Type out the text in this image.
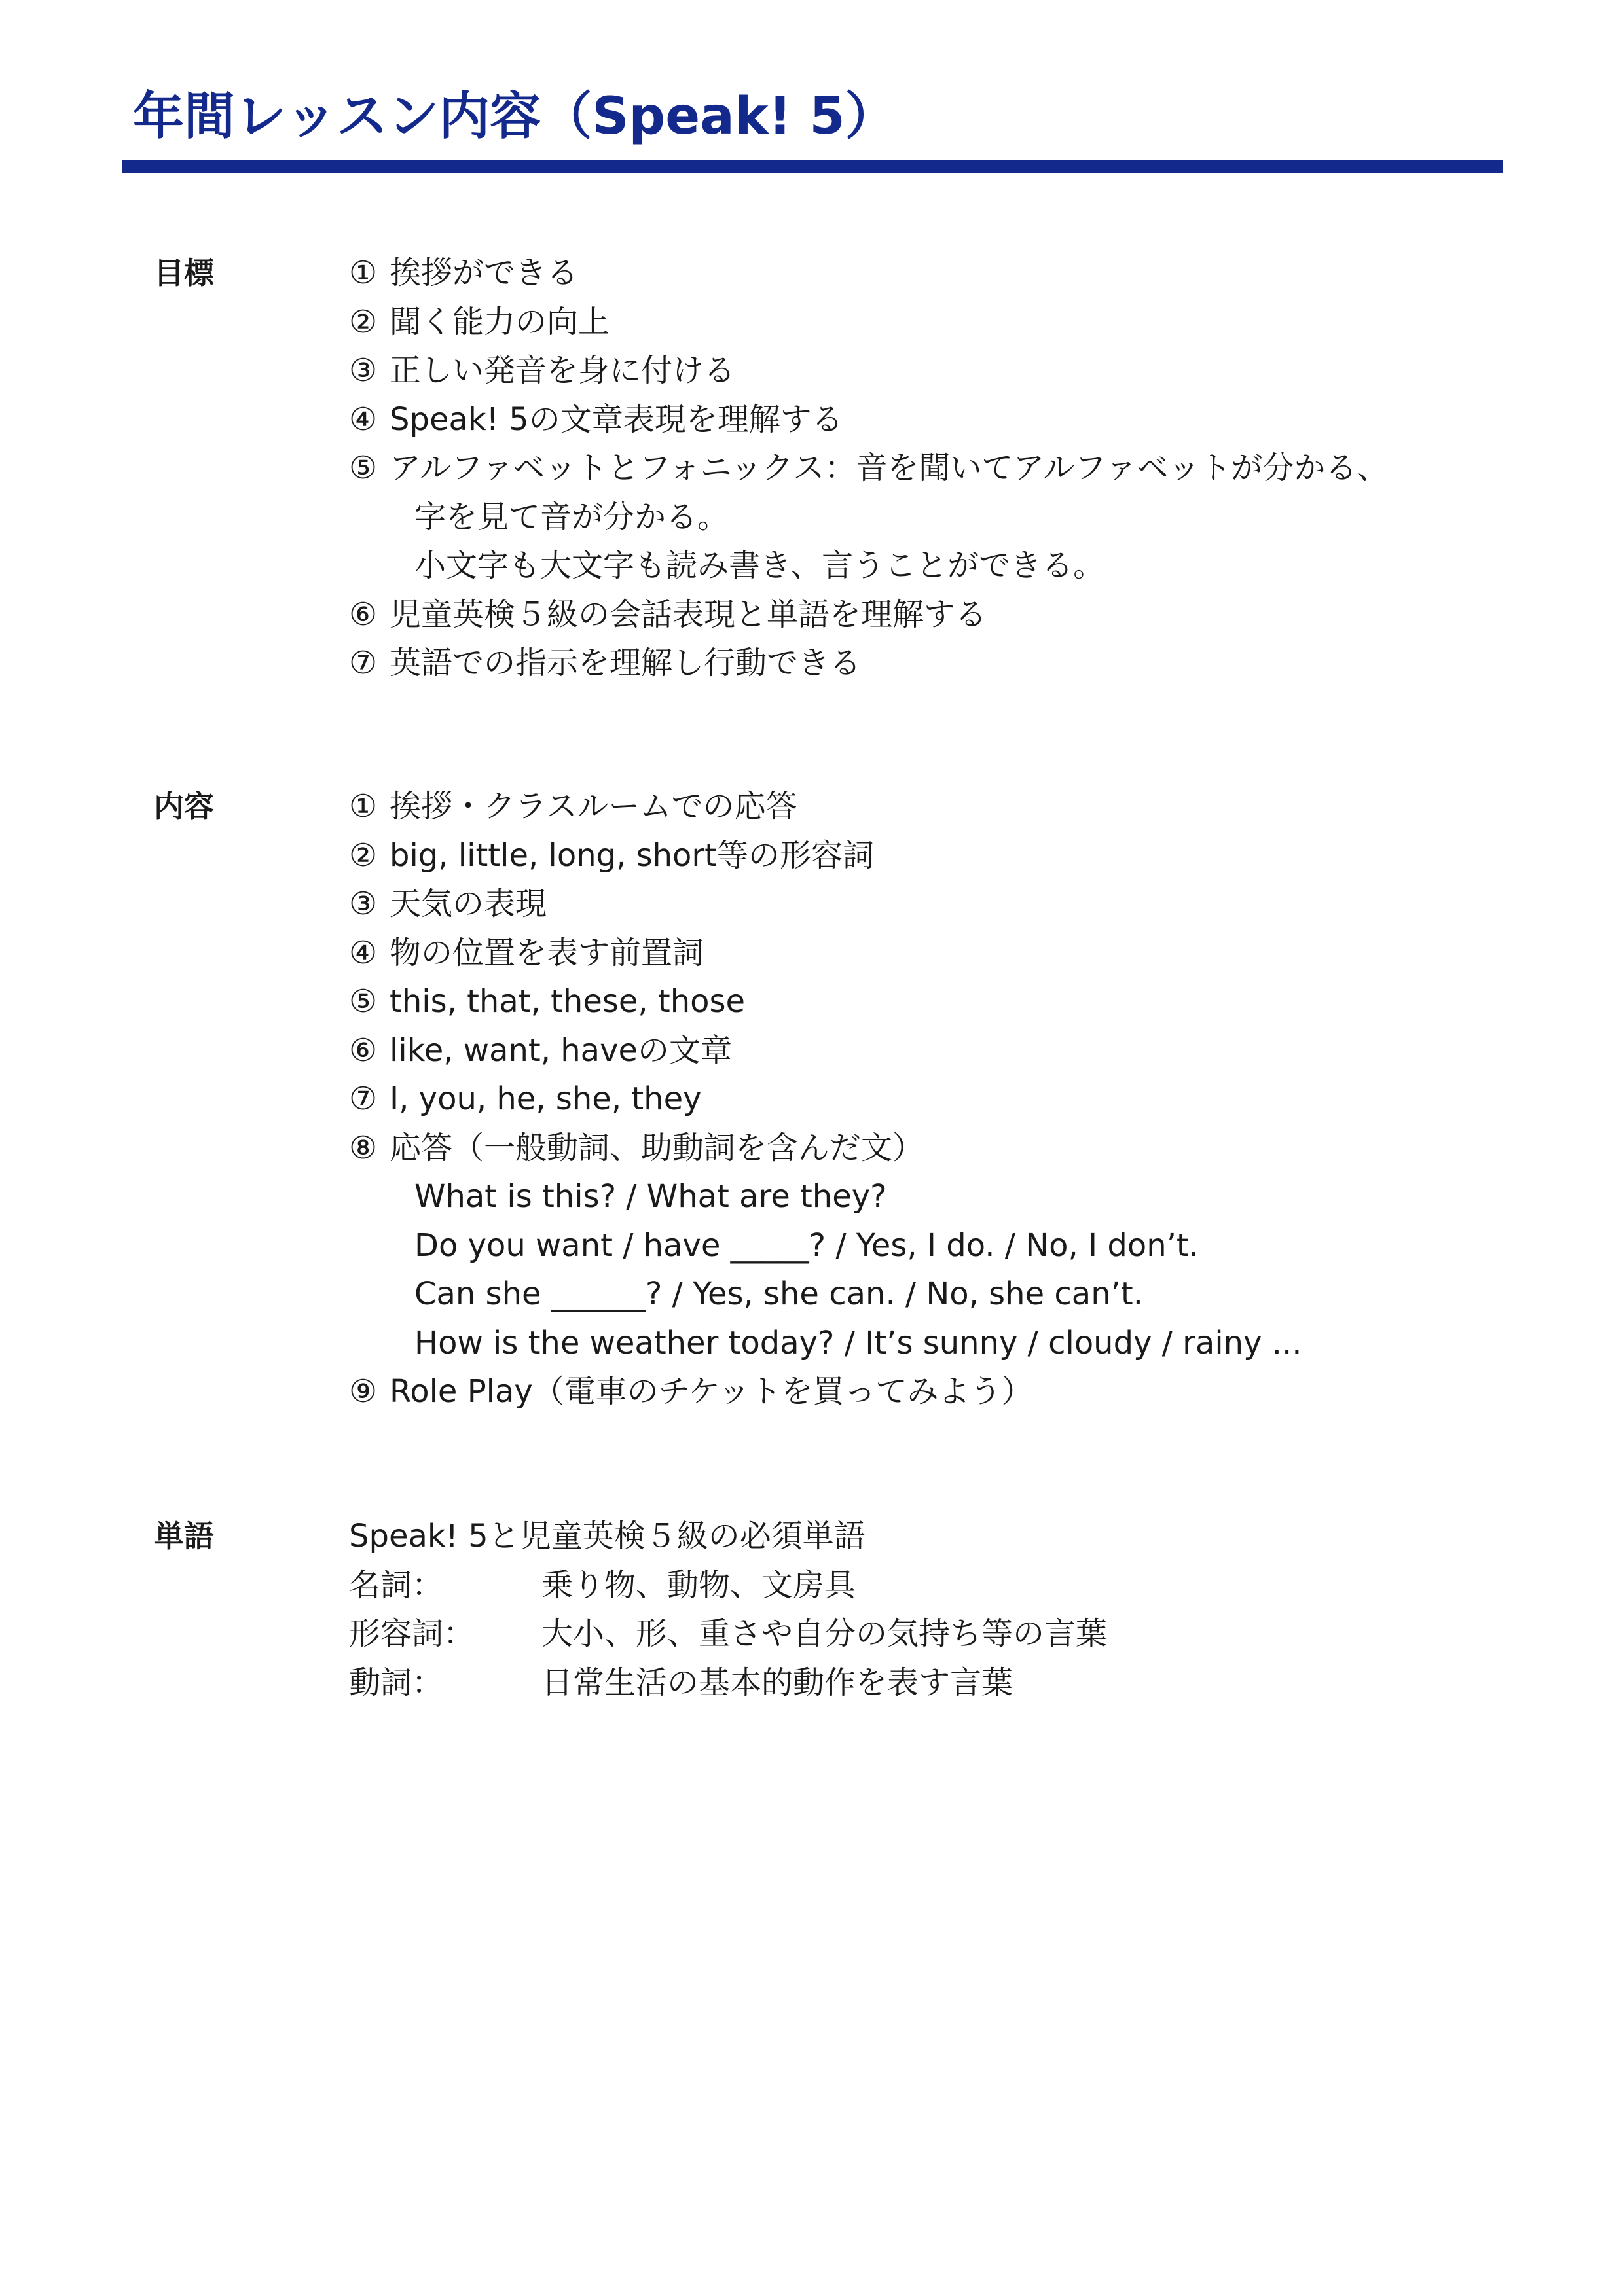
年間レッスン内容（Speak! 5）
目標	① 挨拶ができる
② 聞く能力の向上
③ 正しい発音を身に付ける
④ Speak! 5の文章表現を理解する
⑤ アルファベットとフォニックス：音を聞いてアルファベットが分かる、
字を見て音が分かる。
小文字も大文字も読み書き、言うことができる。
⑥ 児童英検５級の会話表現と単語を理解する
⑦ 英語での指示を理解し行動できる
内容	① 挨拶・クラスルームでの応答
② big, little, long, short等の形容詞
③ 天気の表現
④ 物の位置を表す前置詞
⑤ this, that, these, those
⑥ like, want, haveの文章
⑦ I, you, he, she, they
⑧ 応答（一般動詞、助動詞を含んだ文）
What is this? / What are they?
Do you want / have _____? / Yes, I do. / No, I don’t.
Can she ______? / Yes, she can. / No, she can’t.
How is the weather today? / It’s sunny / cloudy / rainy ...
⑨ Role Play（電車のチケットを買ってみよう）
単語	Speak! 5と児童英検５級の必須単語
名詞：	乗り物、動物、文房具
形容詞： 大小、形、重さや自分の気持ち等の言葉
動詞：	日常生活の基本的動作を表す言葉
